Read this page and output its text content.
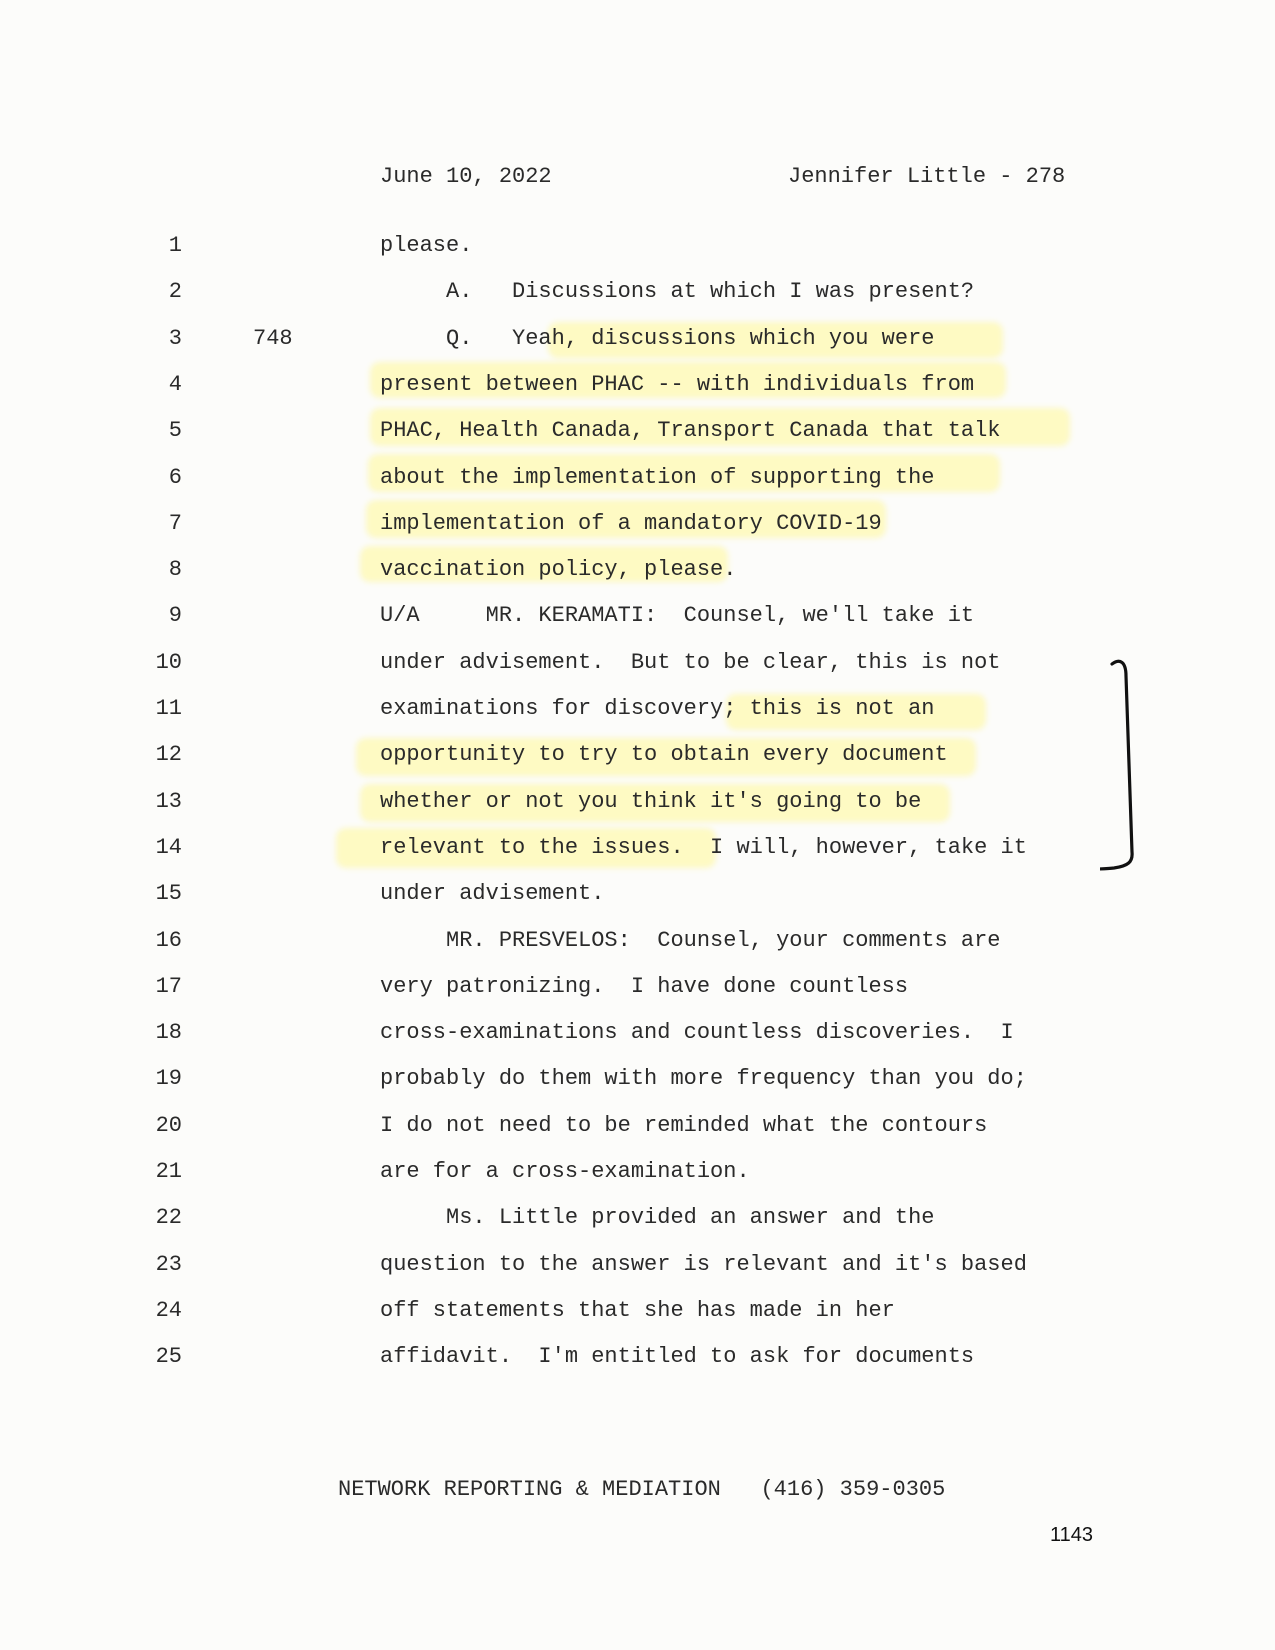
June 10, 2022	Jennifer Little - 278
1	please.
2	A.   Discussions at which I was present?
3	748	Q.   Yeah, discussions which you were
4	present between PHAC -- with individuals from
5	PHAC, Health Canada, Transport Canada that talk
6	about the implementation of supporting the
7	implementation of a mandatory COVID-19
8	vaccination policy, please.
9	U/A     MR. KERAMATI:  Counsel, we'll take it
10	under advisement.  But to be clear, this is not
11	examinations for discovery; this is not an
12	opportunity to try to obtain every document
13	whether or not you think it's going to be
14	relevant to the issues.  I will, however, take it
15	under advisement.
16	MR. PRESVELOS:  Counsel, your comments are
17	very patronizing.  I have done countless
18	cross-examinations and countless discoveries.  I
19	probably do them with more frequency than you do;
20	I do not need to be reminded what the contours
21	are for a cross-examination.
22	Ms. Little provided an answer and the
23	question to the answer is relevant and it's based
24	off statements that she has made in her
25	affidavit.  I'm entitled to ask for documents
NETWORK REPORTING & MEDIATION   (416) 359-0305
1143
